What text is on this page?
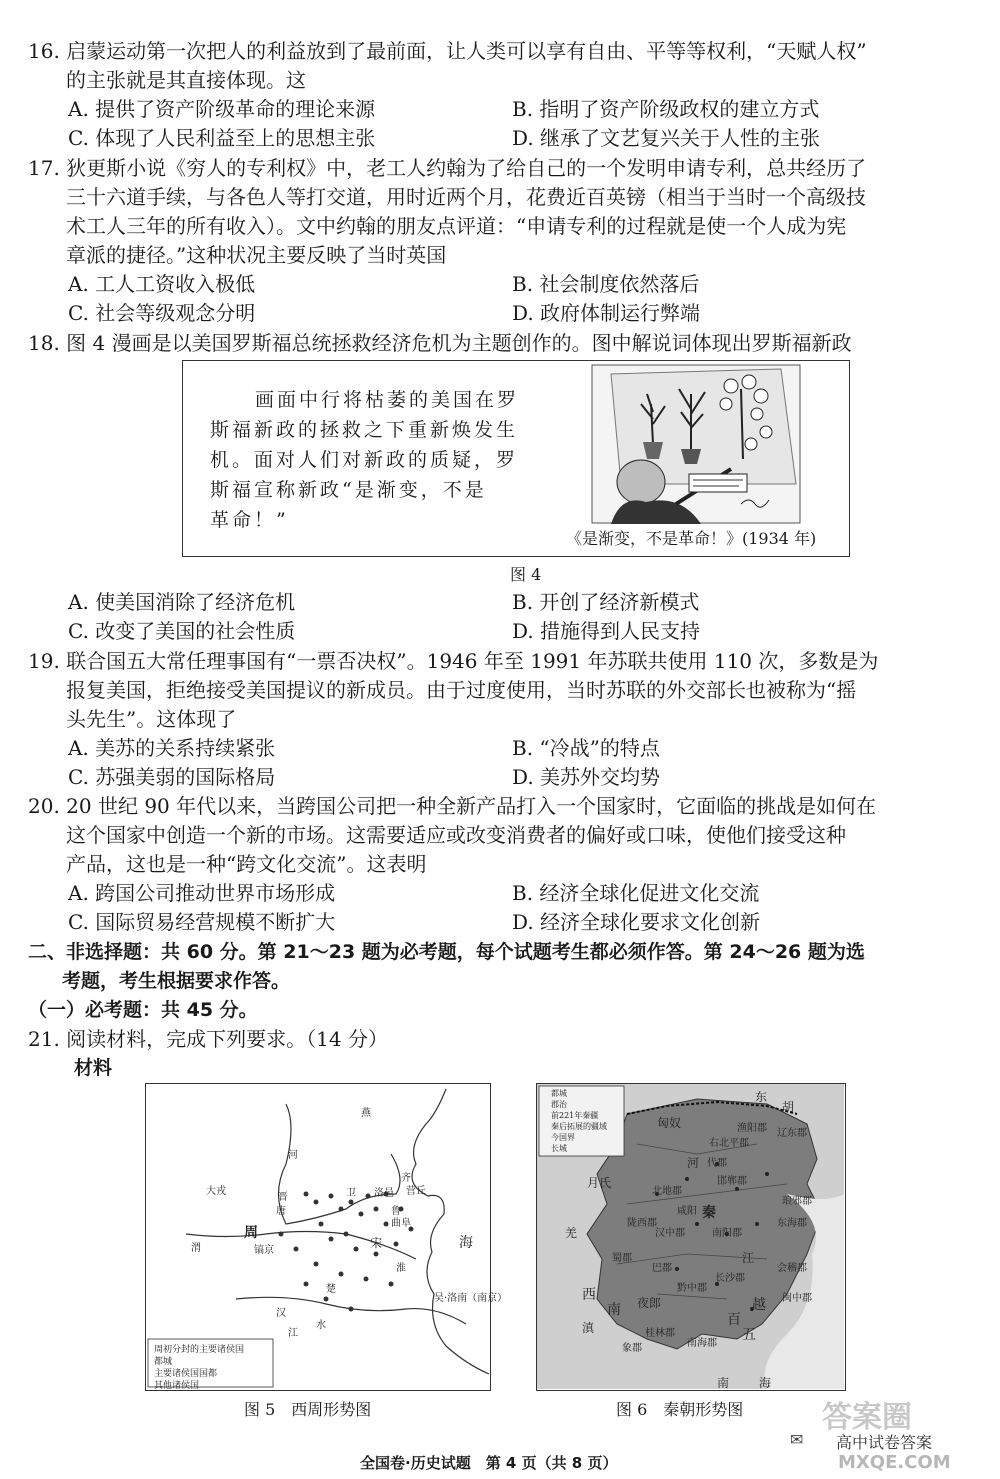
16. 启蒙运动第一次把人的利益放到了最前面，让人类可以享有自由、平等等权利，“天赋人权”
的主张就是其直接体现。这
A. 提供了资产阶级革命的理论来源	B. 指明了资产阶级政权的建立方式
C. 体现了人民利益至上的思想主张	D. 继承了文艺复兴关于人性的主张
17. 狄更斯小说《穷人的专利权》中，老工人约翰为了给自己的一个发明申请专利，总共经历了
三十六道手续，与各色人等打交道，用时近两个月，花费近百英镑（相当于当时一个高级技
术工人三年的所有收入）。文中约翰的朋友点评道：“申请专利的过程就是使一个人成为宪
章派的捷径。”这种状况主要反映了当时英国
A. 工人工资收入极低	B. 社会制度依然落后
C. 社会等级观念分明	D. 政府体制运行弊端
18. 图 4 漫画是以美国罗斯福总统拯救经济危机为主题创作的。图中解说词体现出罗斯福新政
画面中行将枯萎的美国在罗
斯福新政的拯救之下重新焕发生
机。面对人们对新政的质疑，罗
斯福宣称新政“是渐变，不是
革命！”
《是渐变，不是革命！》(1934 年)
图 4
A. 使美国消除了经济危机	B. 开创了经济新模式
C. 改变了美国的社会性质	D. 措施得到人民支持
19. 联合国五大常任理事国有“一票否决权”。1946 年至 1991 年苏联共使用 110 次，多数是为
报复美国，拒绝接受美国提议的新成员。由于过度使用，当时苏联的外交部长也被称为“摇
头先生”。这体现了
A. 美苏的关系持续紧张	B. “冷战”的特点
C. 苏强美弱的国际格局	D. 美苏外交均势
20. 20 世纪 90 年代以来，当跨国公司把一种全新产品打入一个国家时，它面临的挑战是如何在
这个国家中创造一个新的市场。这需要适应或改变消费者的偏好或口味，使他们接受这种
产品，这也是一种“跨文化交流”。这表明
A. 跨国公司推动世界市场形成	B. 经济全球化促进文化交流
C. 国际贸易经营规模不断扩大	D. 经济全球化要求文化创新
二、非选择题：共 60 分。第 21～23 题为必考题，每个试题考生都必须作答。第 24～26 题为选
考题，考生根据要求作答。
（一）必考题：共 45 分。
21. 阅读材料，完成下列要求。（14 分）
材料
燕
大戎
周
镐京
洛邑
宋
卫
鲁
曲阜
营丘
齐
晋
唐
渭
河
淮
汉
江
海
水
吴·洛南（南京）
楚
周初分封的主要诸侯国
都城
主要诸侯国国都
其他诸侯国
都城
郡治
前221年秦疆
秦后拓展的疆域
今国界
长城
东
胡
辽东郡
渔阳郡
右北平郡
代郡
邯郸郡
北地郡
陇西郡
蜀郡
巴郡
汉中郡	南阳郡
长沙郡
黔中郡
桂林郡
象郡	南海郡
闽中郡
会稽郡
东海郡
琅邪郡
咸阳 秦
河
江
越
百
南 海
羌
夜郎
滇
西
南
匈奴
月氏
五
图 5　西周形势图	图 6　秦朝形势图
全国卷·历史试题　第 4 页（共 8 页）
答案圈
高中试卷答案
MXQE.COM
✉
